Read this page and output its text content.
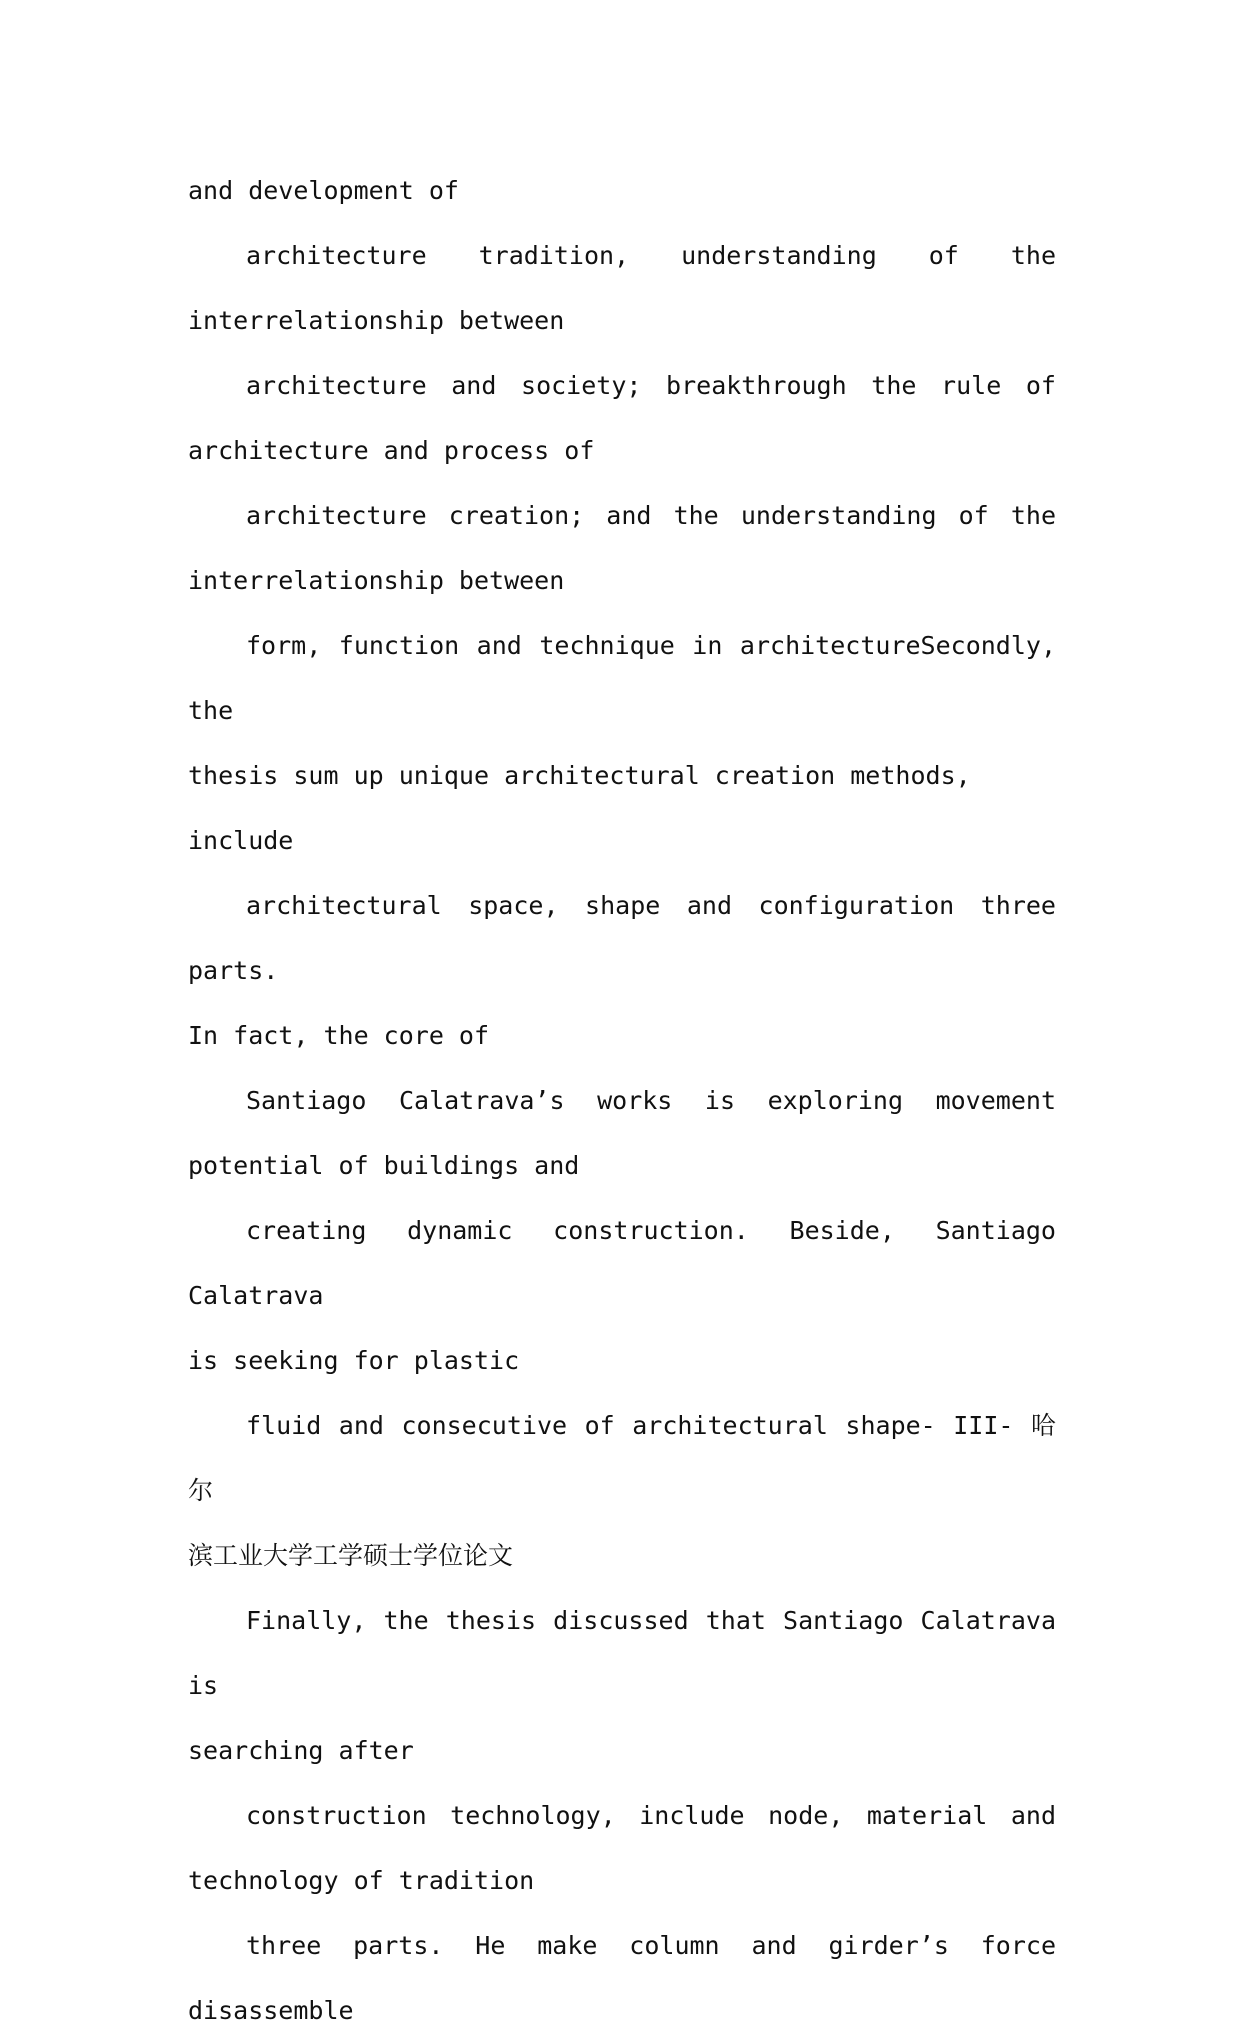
and development of
architecture tradition, understanding of the
interrelationship between
architecture and society; breakthrough the rule of
architecture and process of
architecture creation; and the understanding of the
interrelationship between
form, function and technique in architectureSecondly, the
thesis sum up unique architectural creation methods, include
architectural space, shape and configuration three parts.
In fact, the core of
Santiago Calatrava’s works is exploring movement
potential of buildings and
creating dynamic construction. Beside, Santiago Calatrava
is seeking for plastic
fluid and consecutive of architectural shape- III- 哈尔
滨工业大学工学硕士学位论文
Finally, the thesis discussed that Santiago Calatrava is
searching after
construction technology, include node, material and
technology of tradition
three parts. He make column and girder’s force disassemble
